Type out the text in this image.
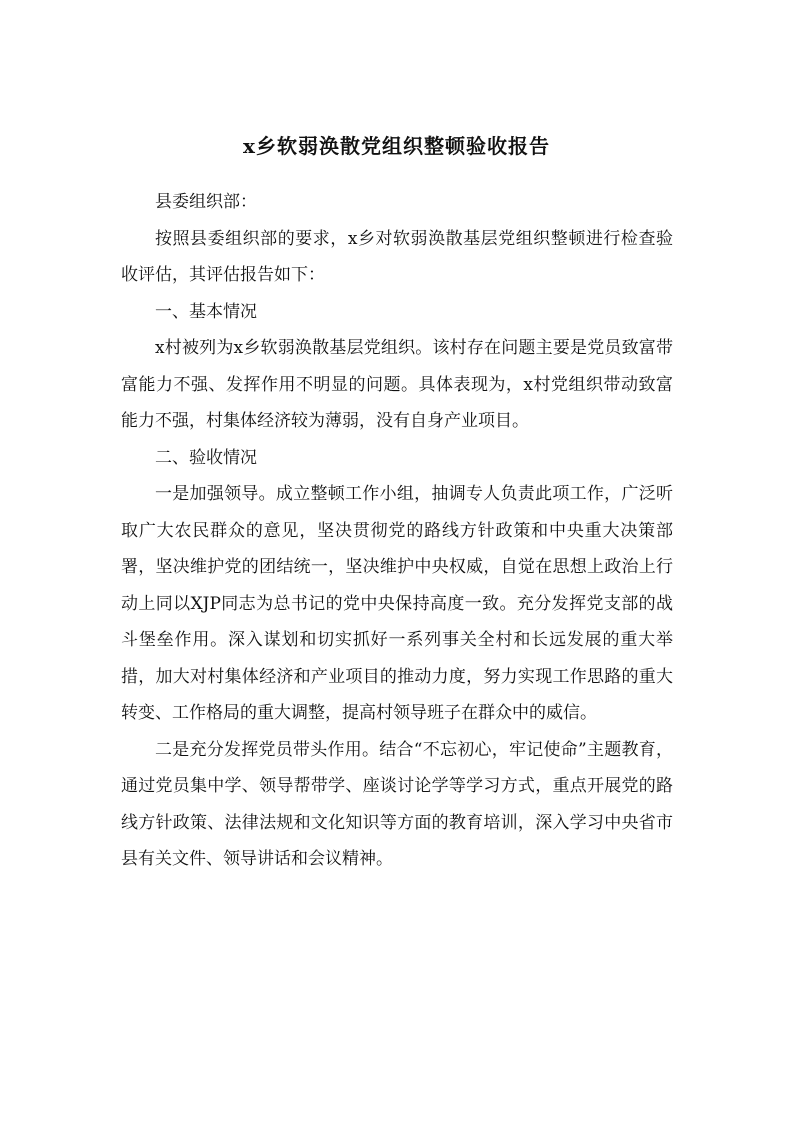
x乡软弱涣散党组织整顿验收报告

县委组织部：

按照县委组织部的要求，x乡对软弱涣散基层党组织整顿进行检查验收评估，其评估报告如下：

一、基本情况

x村被列为x乡软弱涣散基层党组织。该村存在问题主要是党员致富带富能力不强、发挥作用不明显的问题。具体表现为，x村党组织带动致富能力不强，村集体经济较为薄弱，没有自身产业项目。

二、验收情况

一是加强领导。成立整顿工作小组，抽调专人负责此项工作，广泛听取广大农民群众的意见，坚决贯彻党的路线方针政策和中央重大决策部署，坚决维护党的团结统一，坚决维护中央权威，自觉在思想上政治上行动上同以XJP同志为总书记的党中央保持高度一致。充分发挥党支部的战斗堡垒作用。深入谋划和切实抓好一系列事关全村和长远发展的重大举措，加大对村集体经济和产业项目的推动力度，努力实现工作思路的重大转变、工作格局的重大调整，提高村领导班子在群众中的威信。

二是充分发挥党员带头作用。结合“不忘初心，牢记使命”主题教育，通过党员集中学、领导帮带学、座谈讨论学等学习方式，重点开展党的路线方针政策、法律法规和文化知识等方面的教育培训，深入学习中央省市县有关文件、领导讲话和会议精神。
